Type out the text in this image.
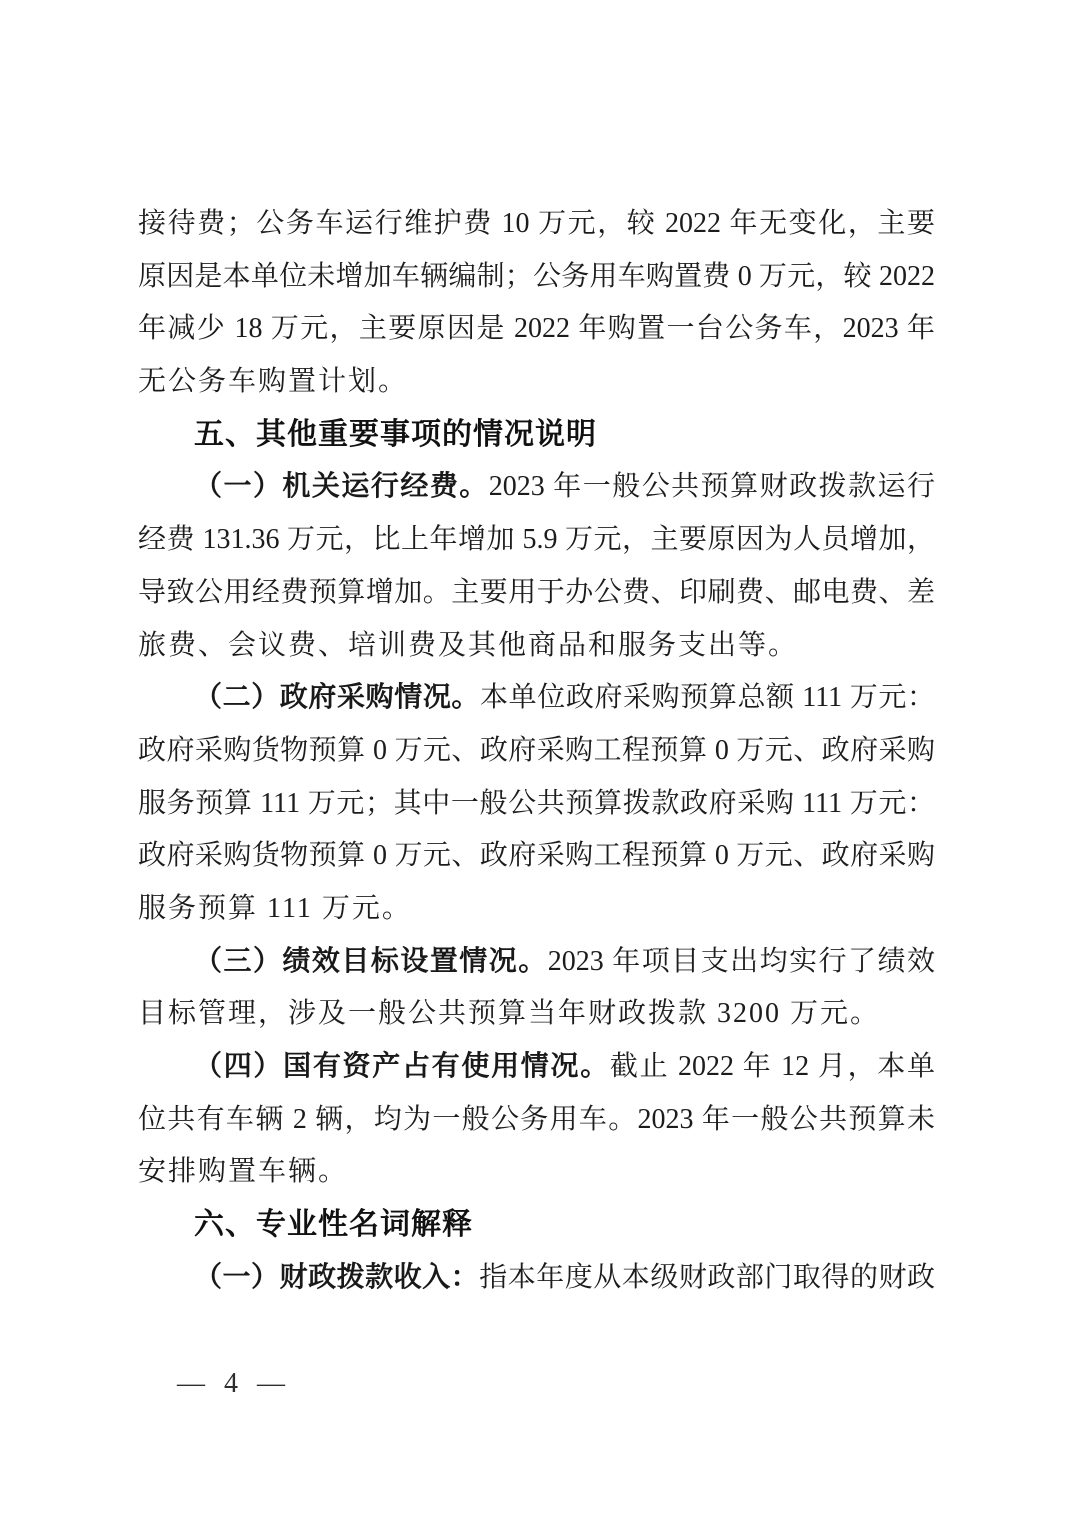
接待费；公务车运行维护费 10 万元，较 2022 年无变化，主要
原因是本单位未增加车辆编制；公务用车购置费 0 万元，较 2022
年减少 18 万元，主要原因是 2022 年购置一台公务车，2023 年
无公务车购置计划。
五、其他重要事项的情况说明
（一）机关运行经费。2023 年一般公共预算财政拨款运行
经费 131.36 万元，比上年增加 5.9 万元，主要原因为人员增加，
导致公用经费预算增加。主要用于办公费、印刷费、邮电费、差
旅费、会议费、培训费及其他商品和服务支出等。
（二）政府采购情况。本单位政府采购预算总额 111 万元：
政府采购货物预算 0 万元、政府采购工程预算 0 万元、政府采购
服务预算 111 万元；其中一般公共预算拨款政府采购 111 万元：
政府采购货物预算 0 万元、政府采购工程预算 0 万元、政府采购
服务预算 111 万元。
（三）绩效目标设置情况。2023 年项目支出均实行了绩效
目标管理，涉及一般公共预算当年财政拨款 3200 万元。
（四）国有资产占有使用情况。截止 2022 年 12 月，本单
位共有车辆 2 辆，均为一般公务用车。2023 年一般公共预算未
安排购置车辆。
六、专业性名词解释
（一）财政拨款收入：指本年度从本级财政部门取得的财政
— 4 —
